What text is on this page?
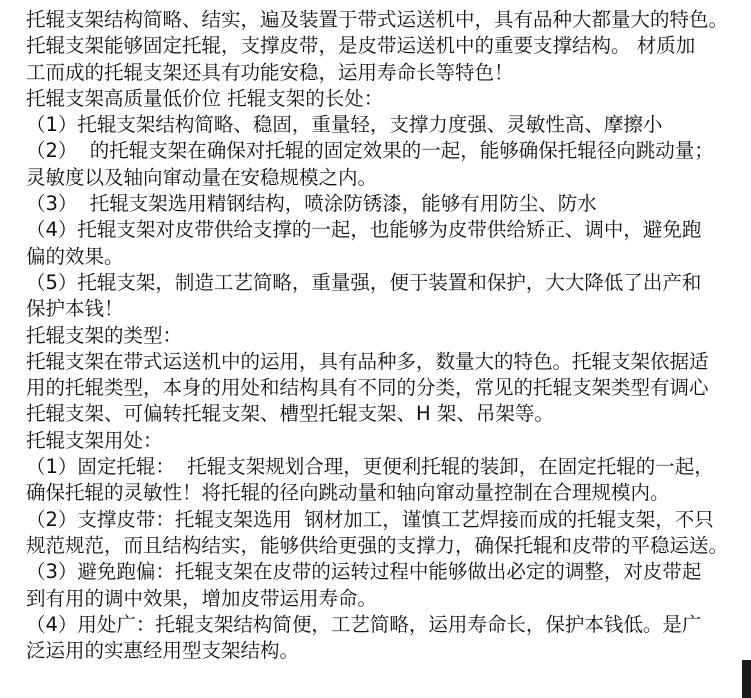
托辊支架结构简略、结实，遍及装置于带式运送机中，具有品种大都量大的特色。
托辊支架能够固定托辊，支撑皮带，是皮带运送机中的重要支撑结构。 材质加
工而成的托辊支架还具有功能安稳，运用寿命长等特色！
托辊支架高质量低价位 托辊支架的长处：
（1）托辊支架结构简略、稳固，重量轻，支撑力度强、灵敏性高、摩擦小
（2）  的托辊支架在确保对托辊的固定效果的一起，能够确保托辊径向跳动量；
灵敏度以及轴向窜动量在安稳规模之内。
（3）  托辊支架选用精钢结构，喷涂防锈漆，能够有用防尘、防水
（4）托辊支架对皮带供给支撑的一起，也能够为皮带供给矫正、调中，避免跑
偏的效果。
（5）托辊支架，制造工艺简略，重量强，便于装置和保护，大大降低了出产和
保护本钱！
托辊支架的类型：
托辊支架在带式运送机中的运用，具有品种多，数量大的特色。托辊支架依据适
用的托辊类型，本身的用处和结构具有不同的分类，常见的托辊支架类型有调心
托辊支架、可偏转托辊支架、槽型托辊支架、H 架、吊架等。
托辊支架用处：
（1）固定托辊：  托辊支架规划合理，更便利托辊的装卸，在固定托辊的一起，
确保托辊的灵敏性！将托辊的径向跳动量和轴向窜动量控制在合理规模内。
（2）支撑皮带：托辊支架选用  钢材加工，谨慎工艺焊接而成的托辊支架，不只
规范规范，而且结构结实，能够供给更强的支撑力，确保托辊和皮带的平稳运送。
（3）避免跑偏：托辊支架在皮带的运转过程中能够做出必定的调整，对皮带起
到有用的调中效果，增加皮带运用寿命。
（4）用处广：托辊支架结构简便，工艺简略，运用寿命长，保护本钱低。是广
泛运用的实惠经用型支架结构。
